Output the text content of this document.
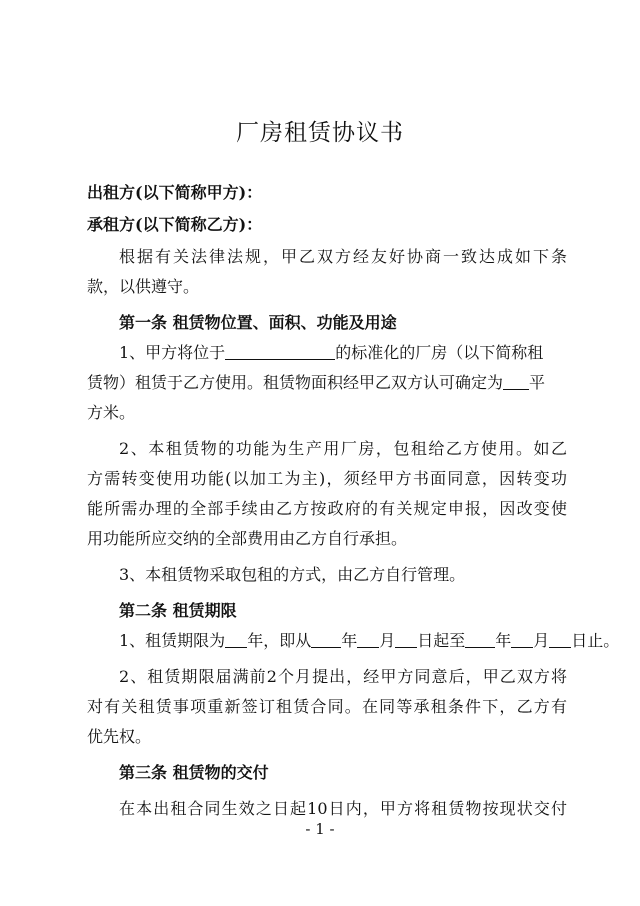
厂房租赁协议书
出租方(以下简称甲方)：
承租方(以下简称乙方)：
根据有关法律法规，甲乙双方经友好协商一致达成如下条
款，以供遵守。
第一条 租赁物位置、面积、功能及用途
1、甲方将位于	的标准化的厂房（以下简称租
赁物）租赁于乙方使用。租赁物面积经甲乙双方认可确定为 平
方米。
2、本租赁物的功能为生产用厂房，包租给乙方使用。如乙
方需转变使用功能(以加工为主)，须经甲方书面同意，因转变功
能所需办理的全部手续由乙方按政府的有关规定申报，因改变使
用功能所应交纳的全部费用由乙方自行承担。
3、本租赁物采取包租的方式，由乙方自行管理。
第二条 租赁期限
1、租赁期限为 年，即从 年 月 日起至 年 月 日止。
2、租赁期限届满前2个月提出，经甲方同意后，甲乙双方将
对有关租赁事项重新签订租赁合同。在同等承租条件下，乙方有
优先权。
第三条 租赁物的交付
在本出租合同生效之日起10日内，甲方将租赁物按现状交付
- 1 -
